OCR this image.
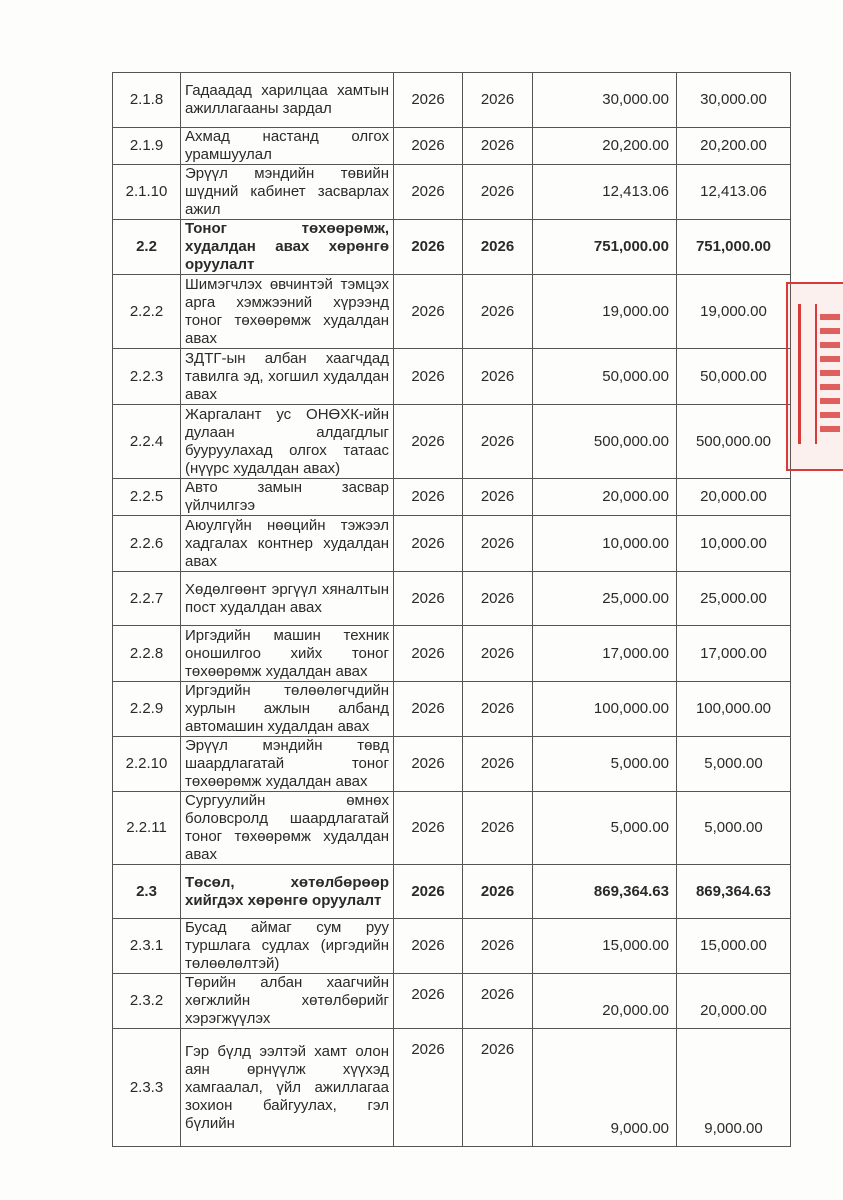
2.1.8	Гадаадад харилцаа хамтын ажиллагааны зардал	2026	2026	30,000.00	30,000.00
2.1.9	Ахмад настанд олгох урамшуулал	2026	2026	20,200.00	20,200.00
2.1.10	Эрүүл мэндийн төвийн шүдний кабинет засварлах ажил	2026	2026	12,413.06	12,413.06
2.2	Тоног төхөөрөмж, худалдан авах хөрөнгө оруулалт	2026	2026	751,000.00	751,000.00
2.2.2	Шимэгчлэх өвчинтэй тэмцэх арга хэмжээний хүрээнд тоног төхөөрөмж худалдан авах	2026	2026	19,000.00	19,000.00
2.2.3	ЗДТГ-ын албан хаагчдад тавилга эд, хогшил худалдан авах	2026	2026	50,000.00	50,000.00
2.2.4	Жаргалант ус ОНӨХК-ийн дулаан алдагдлыг бууруулахад олгох татаас (нүүрс худалдан авах)	2026	2026	500,000.00	500,000.00
2.2.5	Авто замын засвар үйлчилгээ	2026	2026	20,000.00	20,000.00
2.2.6	Аюулгүйн нөөцийн тэжээл хадгалах контнер худалдан авах	2026	2026	10,000.00	10,000.00
2.2.7	Хөдөлгөөнт эргүүл хяналтын пост худалдан авах	2026	2026	25,000.00	25,000.00
2.2.8	Иргэдийн машин техник оношилгоо хийх тоног төхөөрөмж худалдан авах	2026	2026	17,000.00	17,000.00
2.2.9	Иргэдийн төлөөлөгчдийн хурлын ажлын албанд автомашин худалдан авах	2026	2026	100,000.00	100,000.00
2.2.10	Эрүүл мэндийн төвд шаардлагатай тоног төхөөрөмж худалдан авах	2026	2026	5,000.00	5,000.00
2.2.11	Сургуулийн өмнөх боловсролд шаардлагатай тоног төхөөрөмж худалдан авах	2026	2026	5,000.00	5,000.00
2.3	Төсөл, хөтөлбөрөөр хийгдэх хөрөнгө оруулалт	2026	2026	869,364.63	869,364.63
2.3.1	Бусад аймаг сум руу туршлага судлах (иргэдийн төлөөлөлтэй)	2026	2026	15,000.00	15,000.00
2.3.2	Төрийн албан хаагчийн хөгжлийн хөтөлбөрийг хэрэгжүүлэх	2026	2026	20,000.00	20,000.00
2.3.3	Гэр бүлд ээлтэй хамт олон аян өрнүүлж хүүхэд хамгаалал, үйл ажиллагаа зохион байгуулах, гэл бүлийн	2026	2026	9,000.00	9,000.00
